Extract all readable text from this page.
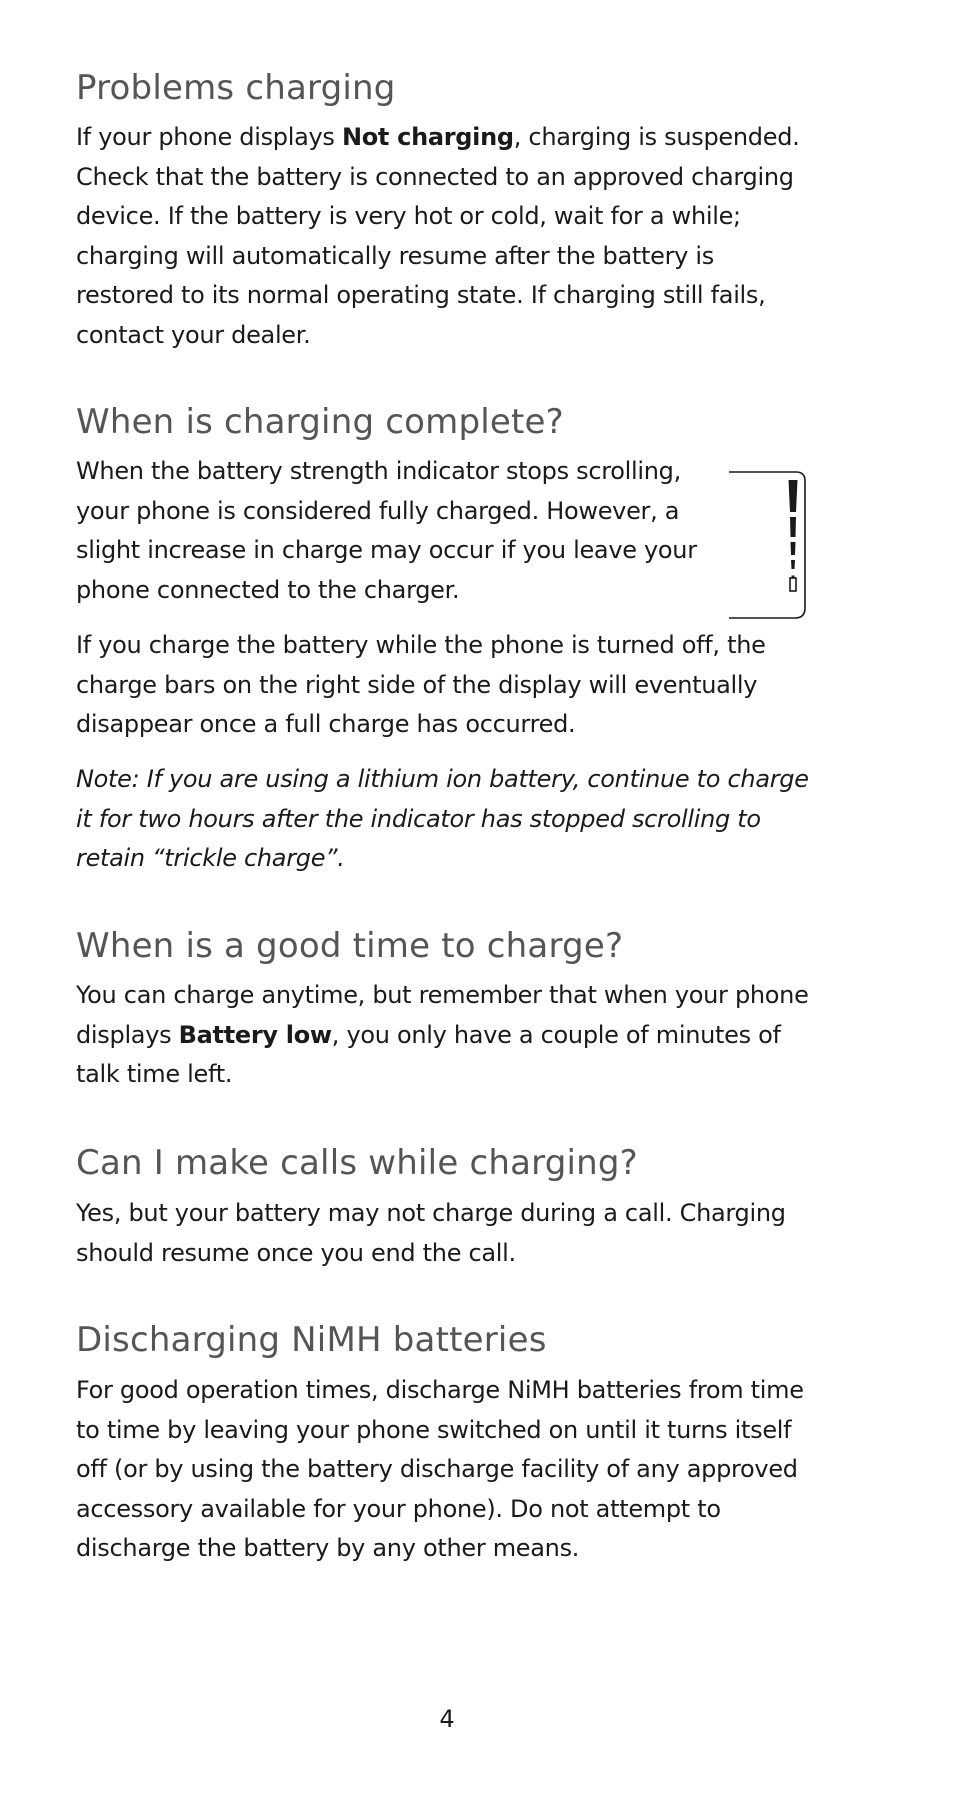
Problems charging

If your phone displays Not charging, charging is suspended. Check that the battery is connected to an approved charging device. If the battery is very hot or cold, wait for a while; charging will automatically resume after the battery is restored to its normal operating state. If charging still fails, contact your dealer.

When is charging complete?

When the battery strength indicator stops scrolling, your phone is considered fully charged. However, a slight increase in charge may occur if you leave your phone connected to the charger.

If you charge the battery while the phone is turned off, the charge bars on the right side of the display will eventually disappear once a full charge has occurred.

Note: If you are using a lithium ion battery, continue to charge it for two hours after the indicator has stopped scrolling to retain “trickle charge”.

When is a good time to charge?

You can charge anytime, but remember that when your phone displays Battery low, you only have a couple of minutes of talk time left.

Can I make calls while charging?

Yes, but your battery may not charge during a call. Charging should resume once you end the call.

Discharging NiMH batteries

For good operation times, discharge NiMH batteries from time to time by leaving your phone switched on until it turns itself off (or by using the battery discharge facility of any approved accessory available for your phone). Do not attempt to discharge the battery by any other means.

4
